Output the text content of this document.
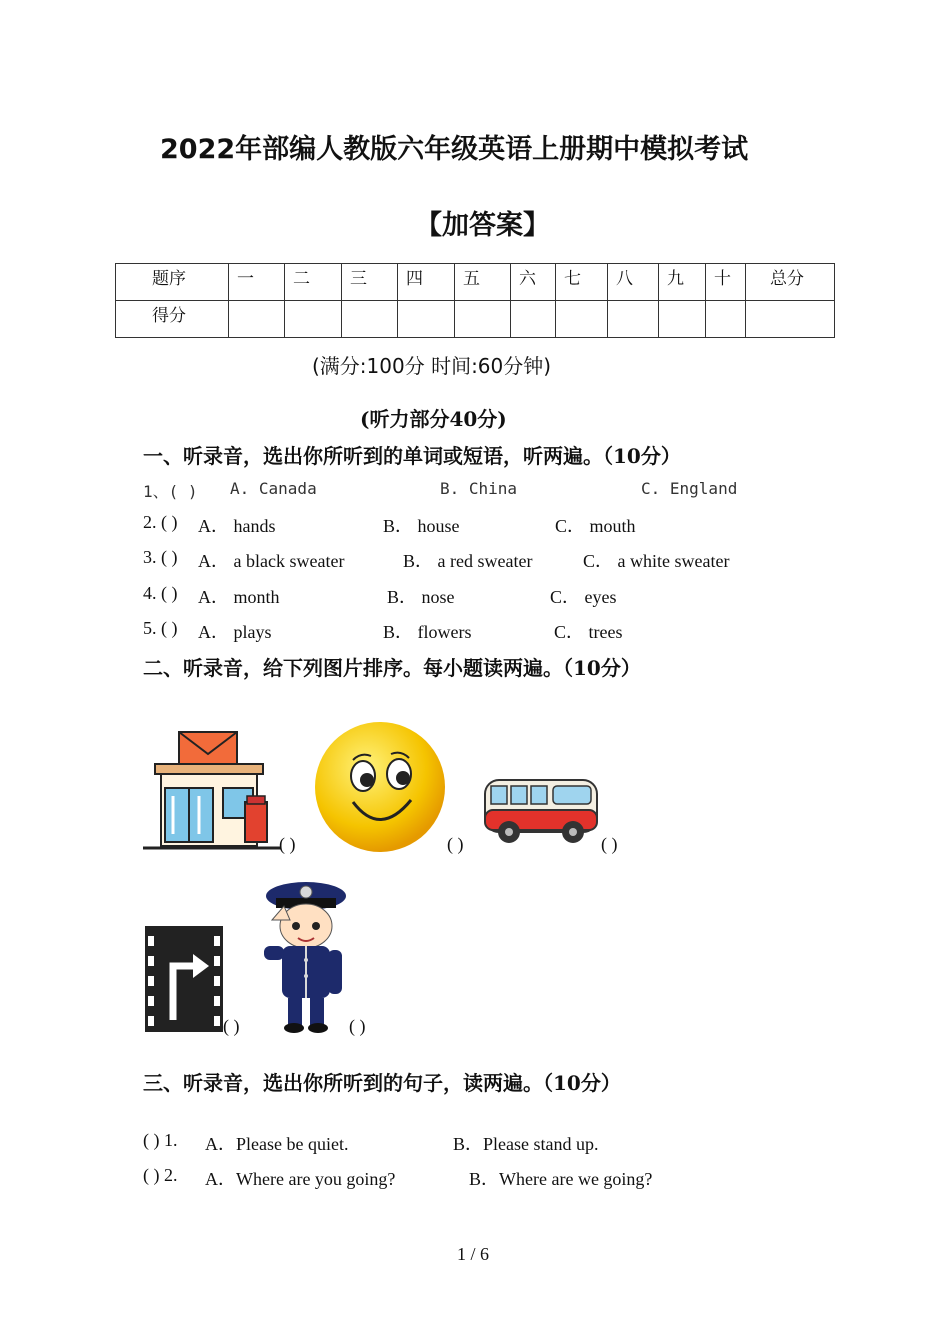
2022年部编人教版六年级英语上册期中模拟考试
【加答案】
题序	一	二	三	四	五	六	七	八	九	十	总分
得分											
(满分:100分 时间:60分钟)
(听力部分40分)
一、听录音，选出你所听到的单词或短语，听两遍。（10分）
1、( ) A. Canada	B. China	C. England
2. ( ) A． hands	B． house	C． mouth
3. ( ) A． a black sweater	B． a red sweater	C． a white sweater
4. ( ) A． month	B． nose	C． eyes
5. ( ) A． plays	B． flowers	C． trees
二、听录音，给下列图片排序。每小题读两遍。（10分）
( )	( )	( )
( )	( )
三、听录音，选出你所听到的句子，读两遍。（10分）
( ) 1. A．Please be quiet.	B．Please stand up.
( ) 2. A．Where are you going?	B．Where are we going?
1 / 6
